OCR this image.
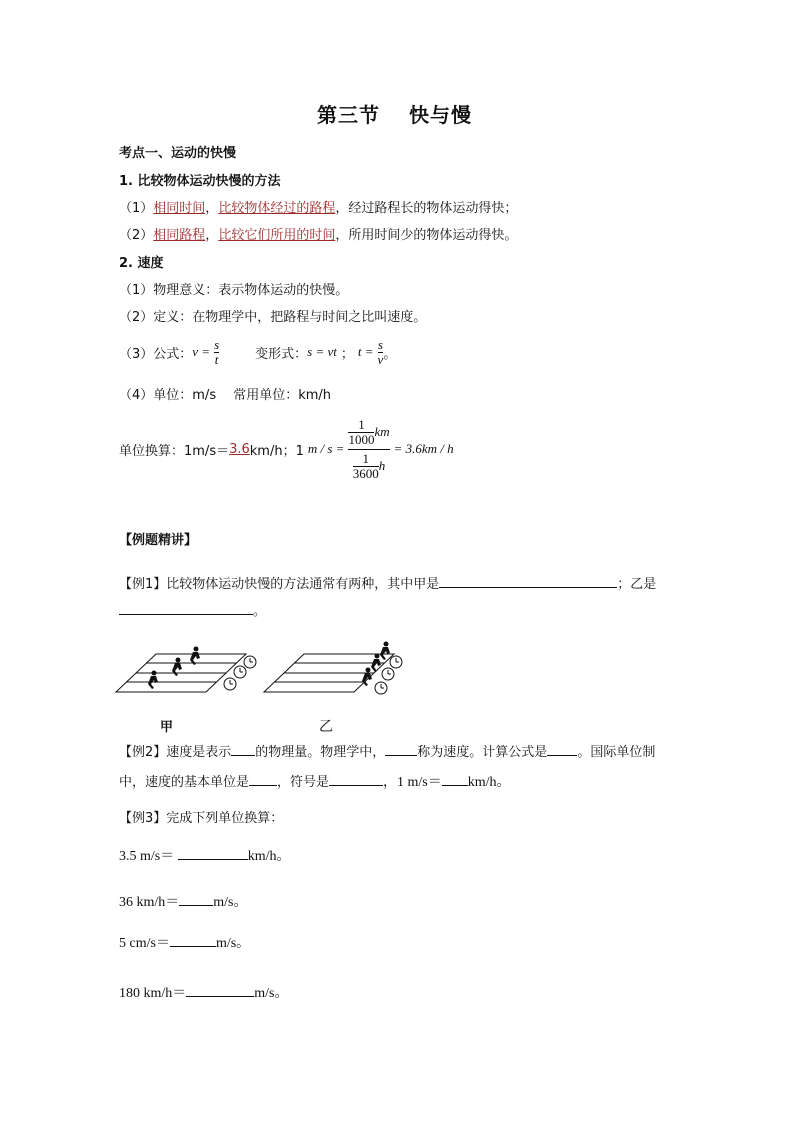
第三节　 快与慢
考点一、运动的快慢
1. 比较物体运动快慢的方法
（1）相同时间，比较物体经过的路程，经过路程长的物体运动得快；
（2）相同路程，比较它们所用的时间，所用时间少的物体运动得快。
2. 速度
（1）物理意义：表示物体运动的快慢。
（2）定义：在物理学中，把路程与时间之比叫速度。
（3）公式： $v = \frac{s}{t}$	变形式： s = vt ； $t = \frac{s}{v}$ 。
（4）单位：m/s　 常用单位：km/h
单位换算：1m/s＝ 3.6 km/h；1 $m / s = \frac{\frac{1}{1000} km}{\frac{1}{3600} h} = 3.6km / h$
【例题精讲】
【例1】比较物体运动快慢的方法通常有两种，其中甲是	；乙是
。
甲	乙
【例2】速度是表示 的物理量。物理学中， 称为速度。计算公式是 。国际单位制
中，速度的基本单位是 ，符号是	，1 m/s＝ km/h。
【例3】完成下列单位换算：
3.5 m/s＝	km/h。
36 km/h＝ m/s。
5 cm/s＝	m/s。
180 km/h＝	m/s。
